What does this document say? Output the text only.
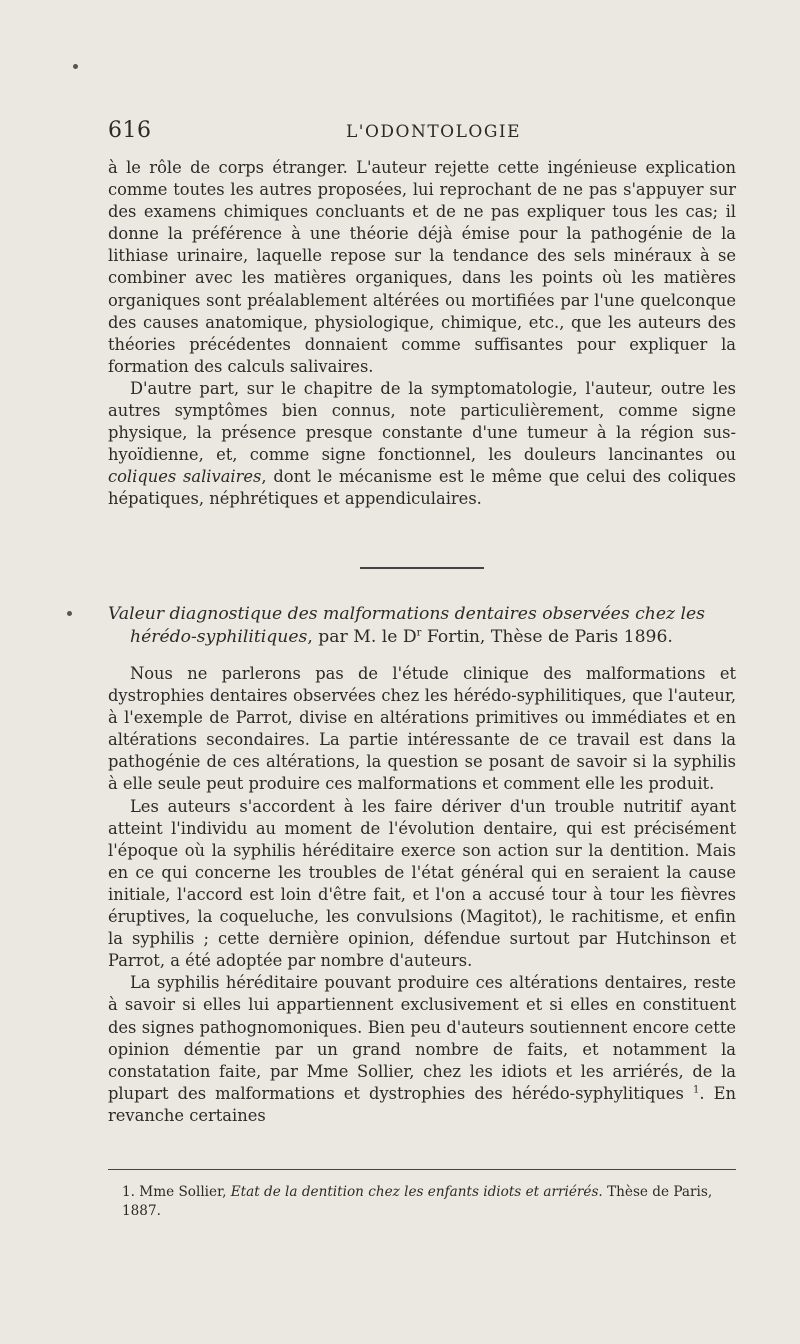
616	L'ODONTOLOGIE

à le rôle de corps étranger. L'auteur rejette cette ingénieuse explication comme toutes les autres proposées, lui reprochant de ne pas s'appuyer sur des examens chimiques concluants et de ne pas expliquer tous les cas; il donne la préférence à une théorie déjà émise pour la pathogénie de la lithiase urinaire, laquelle repose sur la tendance des sels minéraux à se combiner avec les matières organiques, dans les points où les matières organiques sont préalablement altérées ou mortifiées par l'une quelconque des causes anatomique, physiologique, chimique, etc., que les auteurs des théories précédentes donnaient comme suffisantes pour expliquer la formation des calculs salivaires.

D'autre part, sur le chapitre de la symptomatologie, l'auteur, outre les autres symptômes bien connus, note particulièrement, comme signe physique, la présence presque constante d'une tumeur à la région sus-hyoïdienne, et, comme signe fonctionnel, les douleurs lancinantes ou coliques salivaires, dont le mécanisme est le même que celui des coliques hépatiques, néphrétiques et appendiculaires.

Valeur diagnostique des malformations dentaires observées chez les
hérédo-syphilitiques, par M. le $D^r$ Fortin, Thèse de Paris 1896.

Nous ne parlerons pas de l'étude clinique des malformations et dystrophies dentaires observées chez les hérédo-syphilitiques, que l'auteur, à l'exemple de Parrot, divise en altérations primitives ou immédiates et en altérations secondaires. La partie intéressante de ce travail est dans la pathogénie de ces altérations, la question se posant de savoir si la syphilis à elle seule peut produire ces malformations et comment elle les produit.

Les auteurs s'accordent à les faire dériver d'un trouble nutritif ayant atteint l'individu au moment de l'évolution dentaire, qui est précisément l'époque où la syphilis héréditaire exerce son action sur la dentition. Mais en ce qui concerne les troubles de l'état général qui en seraient la cause initiale, l'accord est loin d'être fait, et l'on a accusé tour à tour les fièvres éruptives, la coqueluche, les convulsions (Magitot), le rachitisme, et enfin la syphilis ; cette dernière opinion, défendue surtout par Hutchinson et Parrot, a été adoptée par nombre d'auteurs.

La syphilis héréditaire pouvant produire ces altérations dentaires, reste à savoir si elles lui appartiennent exclusivement et si elles en constituent des signes pathognomoniques. Bien peu d'auteurs soutiennent encore cette opinion démentie par un grand nombre de faits, et notamment la constatation faite, par Mme Sollier, chez les idiots et les arriérés, de la plupart des malformations et dystrophies des hérédo-syphylitiques $^1$. En revanche certaines

1. Mme Sollier, Etat de la dentition chez les enfants idiots et arriérés. Thèse de Paris, 1887.
